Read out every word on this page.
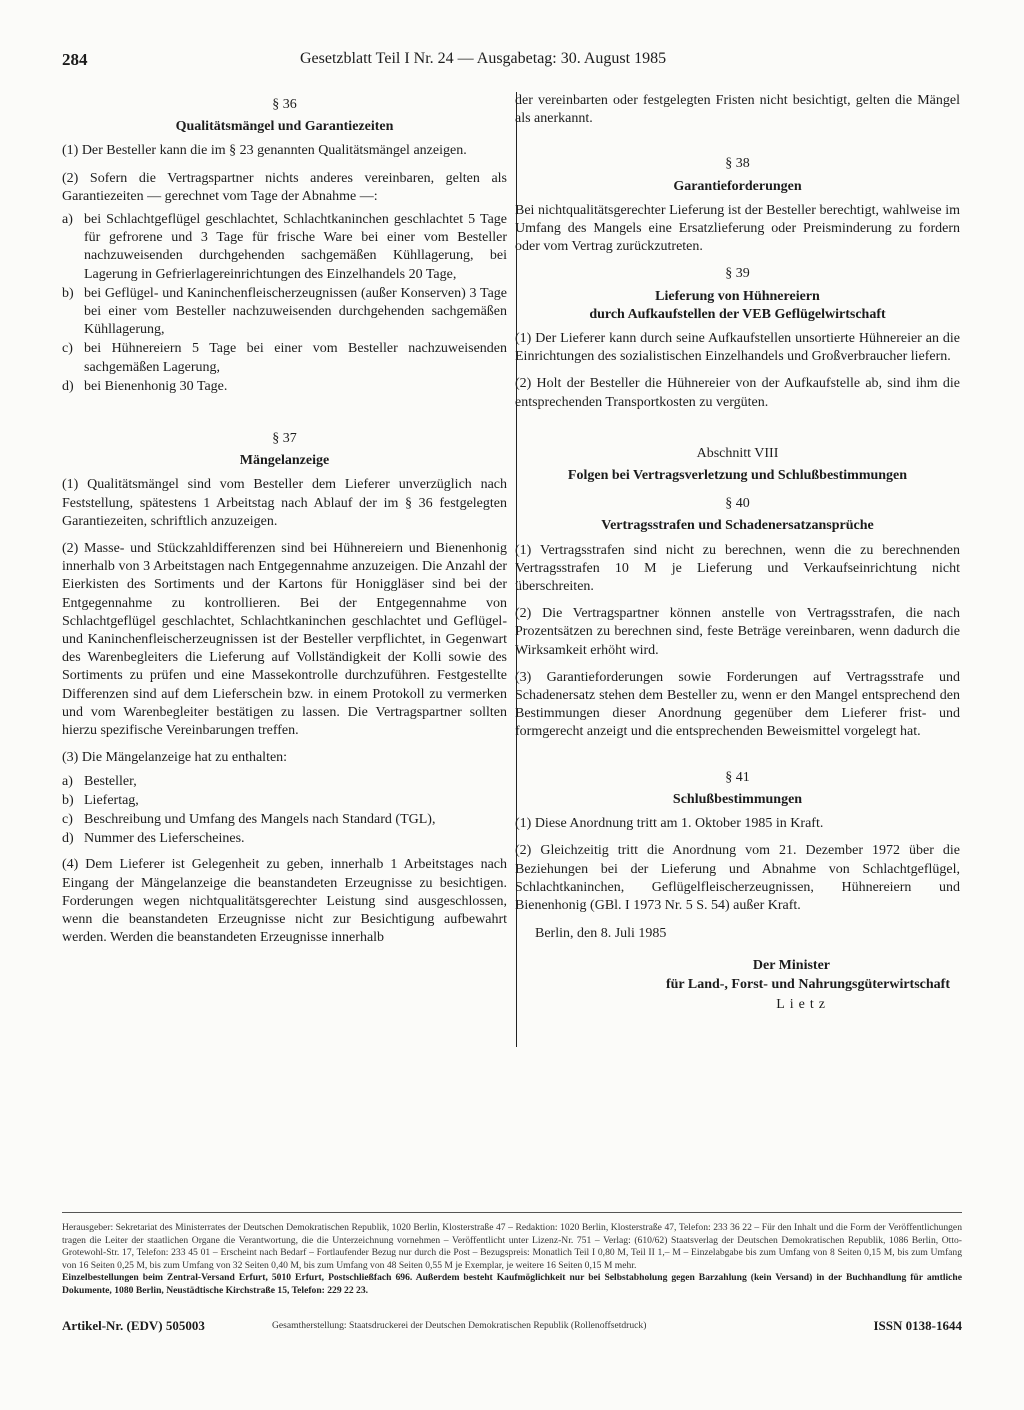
284	Gesetzblatt Teil I Nr. 24 — Ausgabetag: 30. August 1985
§ 36
Qualitätsmängel und Garantiezeiten

(1) Der Besteller kann die im § 23 genannten Qualitätsmängel anzeigen.

(2) Sofern die Vertragspartner nichts anderes vereinbaren, gelten als Garantiezeiten — gerechnet vom Tage der Abnahme —:

a) bei Schlachtgeflügel geschlachtet, Schlachtkaninchen geschlachtet 5 Tage für gefrorene und 3 Tage für frische Ware bei einer vom Besteller nachzuweisenden durchgehenden sachgemäßen Kühllagerung, bei Lagerung in Gefrierlagereinrichtungen des Einzelhandels 20 Tage,
b) bei Geflügel- und Kaninchenfleischerzeugnissen (außer Konserven) 3 Tage bei einer vom Besteller nachzuweisenden durchgehenden sachgemäßen Kühllagerung,
c) bei Hühnereiern 5 Tage bei einer vom Besteller nachzuweisenden sachgemäßen Lagerung,
d) bei Bienenhonig 30 Tage.
§ 37
Mängelanzeige

(1) Qualitätsmängel sind vom Besteller dem Lieferer unverzüglich nach Feststellung, spätestens 1 Arbeitstag nach Ablauf der im § 36 festgelegten Garantiezeiten, schriftlich anzuzeigen.

(2) Masse- und Stückzahldifferenzen sind bei Hühnereiern und Bienenhonig innerhalb von 3 Arbeitstagen nach Entgegennahme anzuzeigen. Die Anzahl der Eierkisten des Sortiments und der Kartons für Honiggläser sind bei der Entgegennahme zu kontrollieren. Bei der Entgegennahme von Schlachtgeflügel geschlachtet, Schlachtkaninchen geschlachtet und Geflügel- und Kaninchenfleischerzeugnissen ist der Besteller verpflichtet, in Gegenwart des Warenbegleiters die Lieferung auf Vollständigkeit der Kolli sowie des Sortiments zu prüfen und eine Massekontrolle durchzuführen. Festgestellte Differenzen sind auf dem Lieferschein bzw. in einem Protokoll zu vermerken und vom Warenbegleiter bestätigen zu lassen. Die Vertragspartner sollten hierzu spezifische Vereinbarungen treffen.

(3) Die Mängelanzeige hat zu enthalten:

a) Besteller,
b) Liefertag,
c) Beschreibung und Umfang des Mangels nach Standard (TGL),
d) Nummer des Lieferscheines.

(4) Dem Lieferer ist Gelegenheit zu geben, innerhalb 1 Arbeitstages nach Eingang der Mängelanzeige die beanstandeten Erzeugnisse zu besichtigen. Forderungen wegen nichtqualitätsgerechter Leistung sind ausgeschlossen, wenn die beanstandeten Erzeugnisse nicht zur Besichtigung aufbewahrt werden. Werden die beanstandeten Erzeugnisse innerhalb

der vereinbarten oder festgelegten Fristen nicht besichtigt, gelten die Mängel als anerkannt.

§ 38
Garantieforderungen

Bei nichtqualitätsgerechter Lieferung ist der Besteller berechtigt, wahlweise im Umfang des Mangels eine Ersatzlieferung oder Preisminderung zu fordern oder vom Vertrag zurückzutreten.

§ 39
Lieferung von Hühnereiern
durch Aufkaufstellen der VEB Geflügelwirtschaft

(1) Der Lieferer kann durch seine Aufkaufstellen unsortierte Hühnereier an die Einrichtungen des sozialistischen Einzelhandels und Großverbraucher liefern.

(2) Holt der Besteller die Hühnereier von der Aufkaufstelle ab, sind ihm die entsprechenden Transportkosten zu vergüten.

Abschnitt VIII
Folgen bei Vertragsverletzung und Schlußbestimmungen
§ 40
Vertragsstrafen und Schadenersatzansprüche

(1) Vertragsstrafen sind nicht zu berechnen, wenn die zu berechnenden Vertragsstrafen 10 M je Lieferung und Verkaufseinrichtung nicht überschreiten.

(2) Die Vertragspartner können anstelle von Vertragsstrafen, die nach Prozentsätzen zu berechnen sind, feste Beträge vereinbaren, wenn dadurch die Wirksamkeit erhöht wird.

(3) Garantieforderungen sowie Forderungen auf Vertragsstrafe und Schadenersatz stehen dem Besteller zu, wenn er den Mangel entsprechend den Bestimmungen dieser Anordnung gegenüber dem Lieferer frist- und formgerecht anzeigt und die entsprechenden Beweismittel vorgelegt hat.

§ 41
Schlußbestimmungen

(1) Diese Anordnung tritt am 1. Oktober 1985 in Kraft.

(2) Gleichzeitig tritt die Anordnung vom 21. Dezember 1972 über die Beziehungen bei der Lieferung und Abnahme von Schlachtgeflügel, Schlachtkaninchen, Geflügelfleischerzeugnissen, Hühnereiern und Bienenhonig (GBl. I 1973 Nr. 5 S. 54) außer Kraft.

Berlin, den 8. Juli 1985
Der Minister
für Land-, Forst- und Nahrungsgüterwirtschaft
Lietz

Herausgeber: Sekretariat des Ministerrates der Deutschen Demokratischen Republik, 1020 Berlin, Klosterstraße 47 – Redaktion: 1020 Berlin, Klosterstraße 47, Telefon: 233 36 22 – Für den Inhalt und die Form der Veröffentlichungen tragen die Leiter der staatlichen Organe die Verantwortung, die die Unterzeichnung vornehmen – Veröffentlicht unter Lizenz-Nr. 751 – Verlag: (610/62) Staatsverlag der Deutschen Demokratischen Republik, 1086 Berlin, Otto-Grotewohl-Str. 17, Telefon: 233 45 01 – Erscheint nach Bedarf – Fortlaufender Bezug nur durch die Post – Bezugspreis: Monatlich Teil I 0,80 M, Teil II 1,– M – Einzelabgabe bis zum Umfang von 8 Seiten 0,15 M, bis zum Umfang von 16 Seiten 0,25 M, bis zum Umfang von 32 Seiten 0,40 M, bis zum Umfang von 48 Seiten 0,55 M je Exemplar, je weitere 16 Seiten 0,15 M mehr.

Einzelbestellungen beim Zentral-Versand Erfurt, 5010 Erfurt, Postschließfach 696. Außerdem besteht Kaufmöglichkeit nur bei Selbstabholung gegen Barzahlung (kein Versand) in der Buchhandlung für amtliche Dokumente, 1080 Berlin, Neustädtische Kirchstraße 15, Telefon: 229 22 23.

Artikel-Nr. (EDV) 505003	Gesamtherstellung: Staatsdruckerei der Deutschen Demokratischen Republik (Rollenoffsetdruck)	ISSN 0138-1644
